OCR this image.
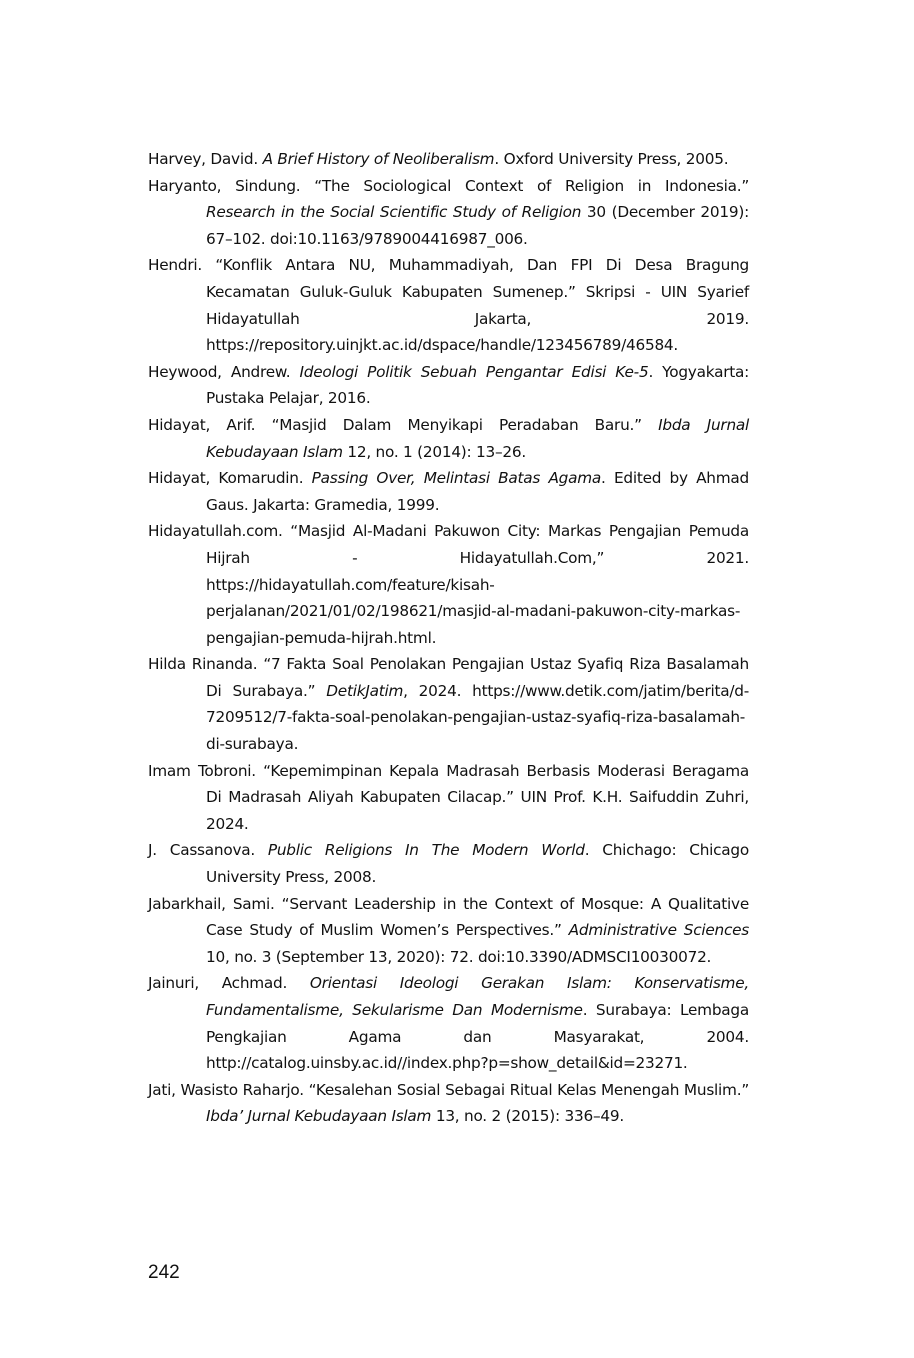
Harvey, David. A Brief History of Neoliberalism. Oxford University Press, 2005.

Haryanto, Sindung. “The Sociological Context of Religion in Indonesia.” Research in the Social Scientific Study of Religion 30 (December 2019): 67–102. doi:10.1163/9789004416987_006.

Hendri. “Konflik Antara NU, Muhammadiyah, Dan FPI Di Desa Bragung Kecamatan Guluk-Guluk Kabupaten Sumenep.” Skripsi - UIN Syarief Hidayatullah Jakarta, 2019. https://repository.uinjkt.ac.id/dspace/handle/123456789/46584.

Heywood, Andrew. Ideologi Politik Sebuah Pengantar Edisi Ke-5. Yogyakarta: Pustaka Pelajar, 2016.

Hidayat, Arif. “Masjid Dalam Menyikapi Peradaban Baru.” Ibda Jurnal Kebudayaan Islam 12, no. 1 (2014): 13–26.

Hidayat, Komarudin. Passing Over, Melintasi Batas Agama. Edited by Ahmad Gaus. Jakarta: Gramedia, 1999.

Hidayatullah.com. “Masjid Al-Madani Pakuwon City: Markas Pengajian Pemuda Hijrah - Hidayatullah.Com,” 2021. https://hidayatullah.com/feature/kisah-perjalanan/2021/01/02/198621/masjid-al-madani-pakuwon-city-markas-pengajian-pemuda-hijrah.html.

Hilda Rinanda. “7 Fakta Soal Penolakan Pengajian Ustaz Syafiq Riza Basalamah Di Surabaya.” DetikJatim, 2024. https://www.detik.com/jatim/berita/d-7209512/7-fakta-soal-penolakan-pengajian-ustaz-syafiq-riza-basalamah-di-surabaya.

Imam Tobroni. “Kepemimpinan Kepala Madrasah Berbasis Moderasi Beragama Di Madrasah Aliyah Kabupaten Cilacap.” UIN Prof. K.H. Saifuddin Zuhri, 2024.

J. Cassanova. Public Religions In The Modern World. Chichago: Chicago University Press, 2008.

Jabarkhail, Sami. “Servant Leadership in the Context of Mosque: A Qualitative Case Study of Muslim Women’s Perspectives.” Administrative Sciences 10, no. 3 (September 13, 2020): 72. doi:10.3390/ADMSCI10030072.

Jainuri, Achmad. Orientasi Ideologi Gerakan Islam: Konservatisme, Fundamentalisme, Sekularisme Dan Modernisme. Surabaya: Lembaga Pengkajian Agama dan Masyarakat, 2004. http://catalog.uinsby.ac.id//index.php?p=show_detail&id=23271.

Jati, Wasisto Raharjo. “Kesalehan Sosial Sebagai Ritual Kelas Menengah Muslim.” Ibda’ Jurnal Kebudayaan Islam 13, no. 2 (2015): 336–49.

242
